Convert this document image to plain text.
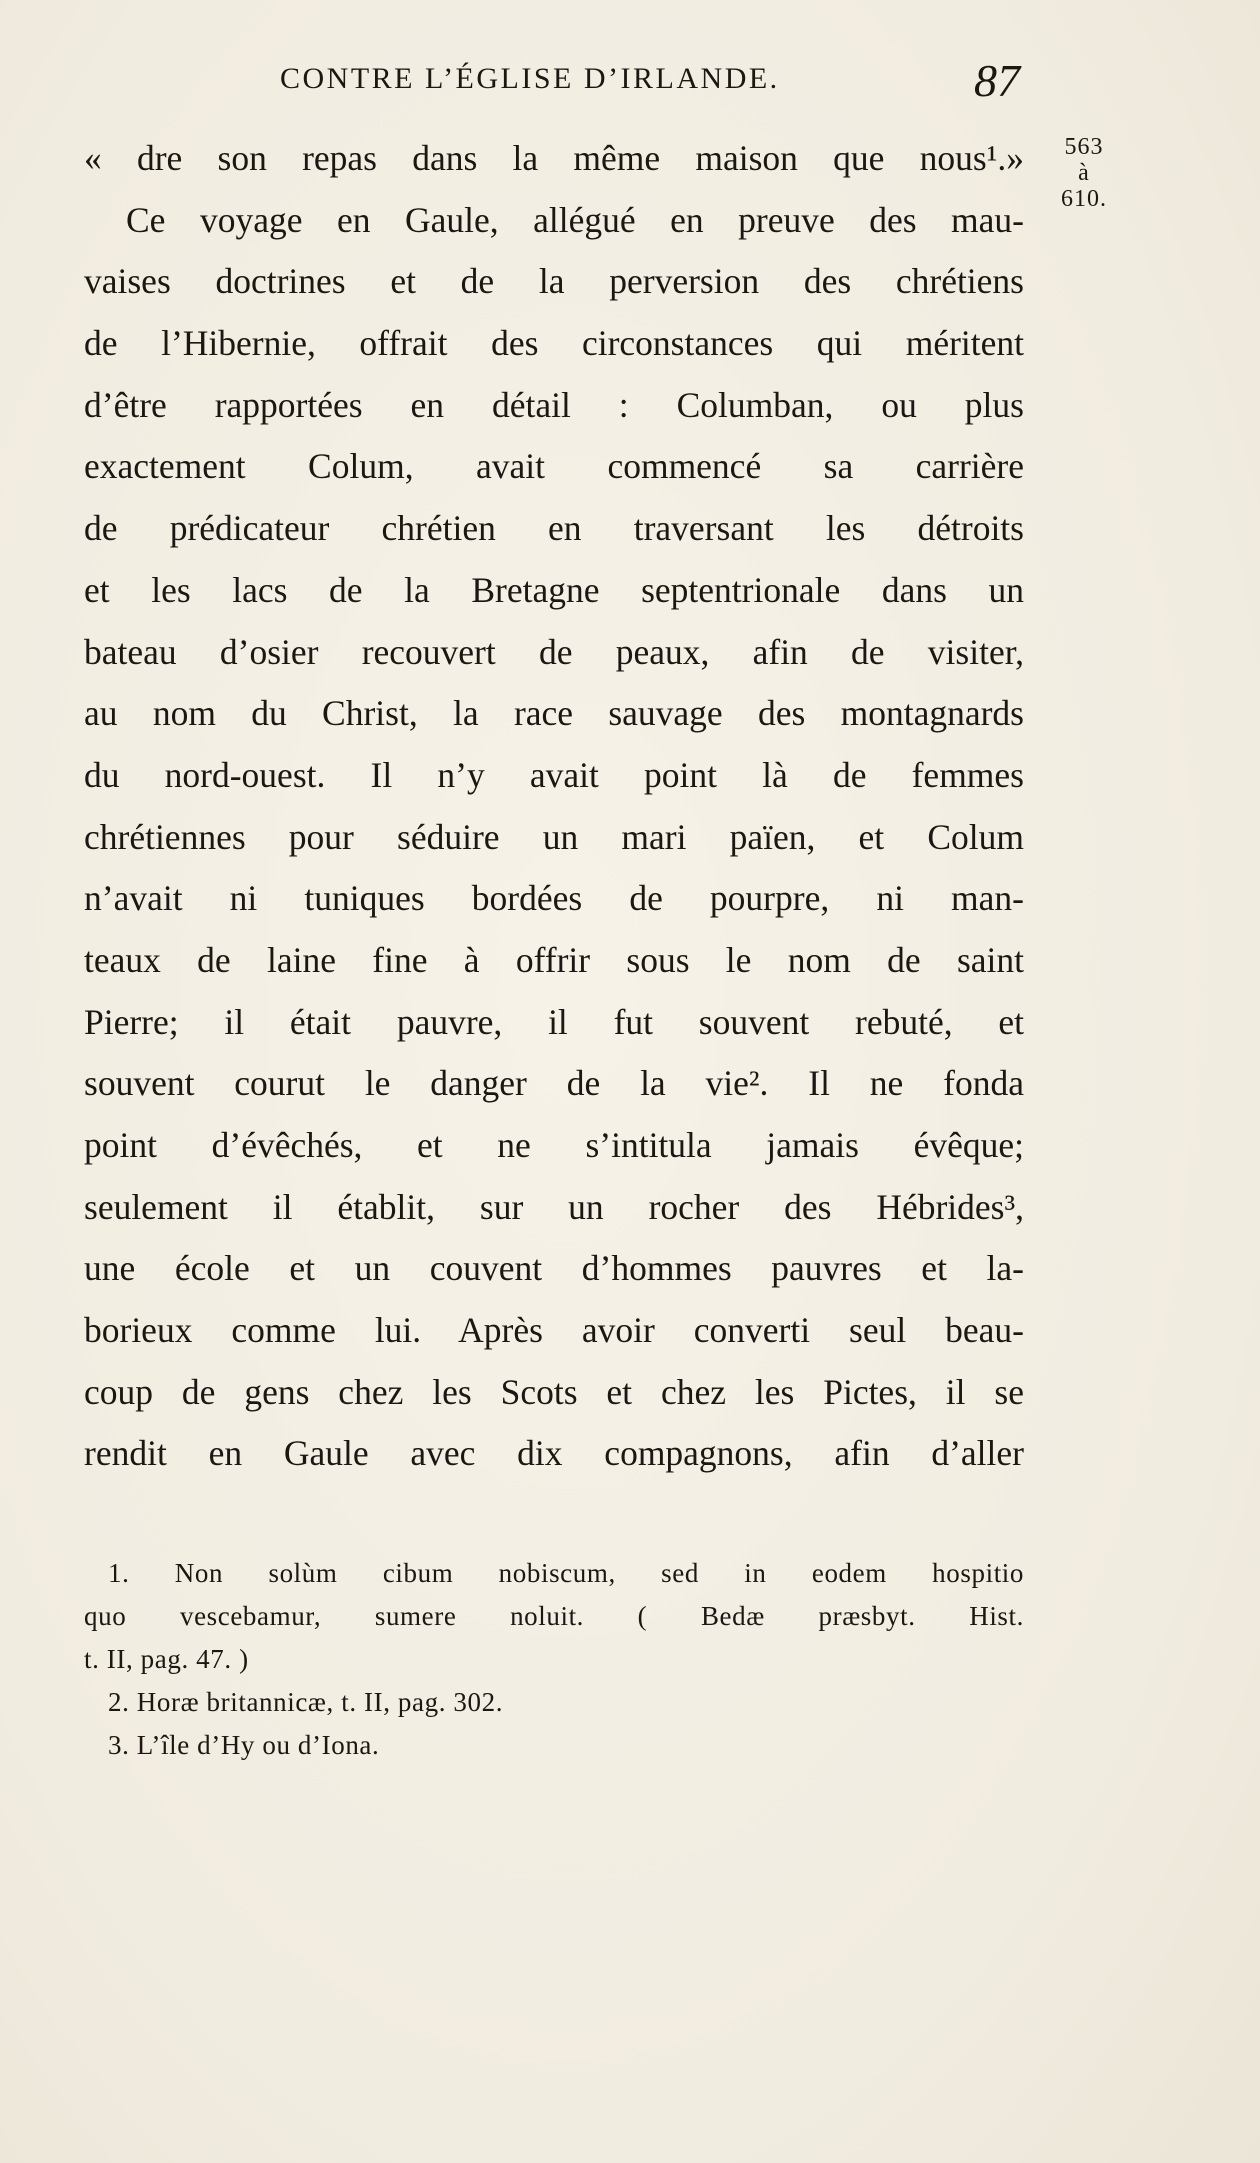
CONTRE L’ÉGLISE D’IRLANDE.	87
563
à
610.
« dre son repas dans la même maison que nous¹.»
Ce voyage en Gaule, allégué en preuve des mau-
vaises doctrines et de la perversion des chrétiens
de l’Hibernie, offrait des circonstances qui méritent
d’être rapportées en détail : Columban, ou plus
exactement Colum, avait commencé sa carrière
de prédicateur chrétien en traversant les détroits
et les lacs de la Bretagne septentrionale dans un
bateau d’osier recouvert de peaux, afin de visiter,
au nom du Christ, la race sauvage des montagnards
du nord-ouest. Il n’y avait point là de femmes
chrétiennes pour séduire un mari païen, et Colum
n’avait ni tuniques bordées de pourpre, ni man-
teaux de laine fine à offrir sous le nom de saint
Pierre; il était pauvre, il fut souvent rebuté, et
souvent courut le danger de la vie². Il ne fonda
point d’évêchés, et ne s’intitula jamais évêque;
seulement il établit, sur un rocher des Hébrides³,
une école et un couvent d’hommes pauvres et la-
borieux comme lui. Après avoir converti seul beau-
coup de gens chez les Scots et chez les Pictes, il se
rendit en Gaule avec dix compagnons, afin d’aller
1. Non solùm cibum nobiscum, sed in eodem hospitio
quo vescebamur, sumere noluit. ( Bedæ præsbyt. Hist.
t. II, pag. 47. )
2. Horæ britannicæ, t. II, pag. 302.
3. L’île d’Hy ou d’Iona.
